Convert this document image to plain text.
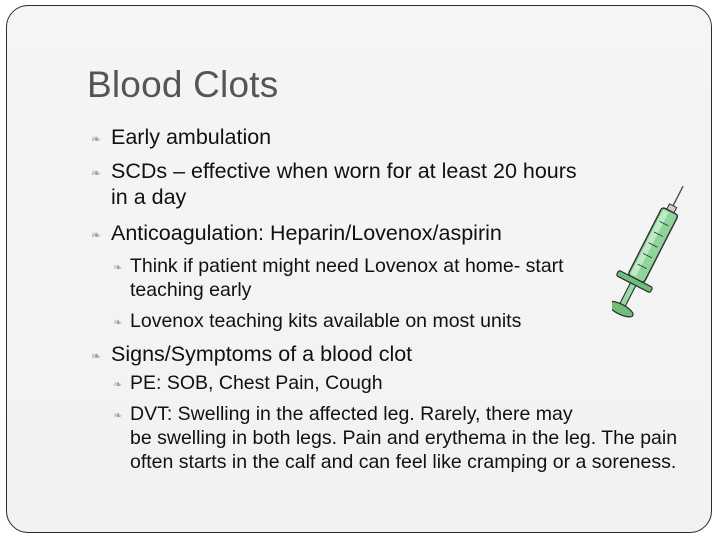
Blood Clots
❧ Early ambulation
❧ SCDs – effective when worn for at least 20 hours
in a day
❧ Anticoagulation: Heparin/Lovenox/aspirin
❧ Think if patient might need Lovenox at home- start
teaching early
❧ Lovenox teaching kits available on most units
❧ Signs/Symptoms of a blood clot
❧ PE: SOB, Chest Pain, Cough
❧ DVT: Swelling in the affected leg. Rarely, there may
be swelling in both legs. Pain and erythema in the leg. The pain often starts in the calf and can feel like cramping or a soreness.
